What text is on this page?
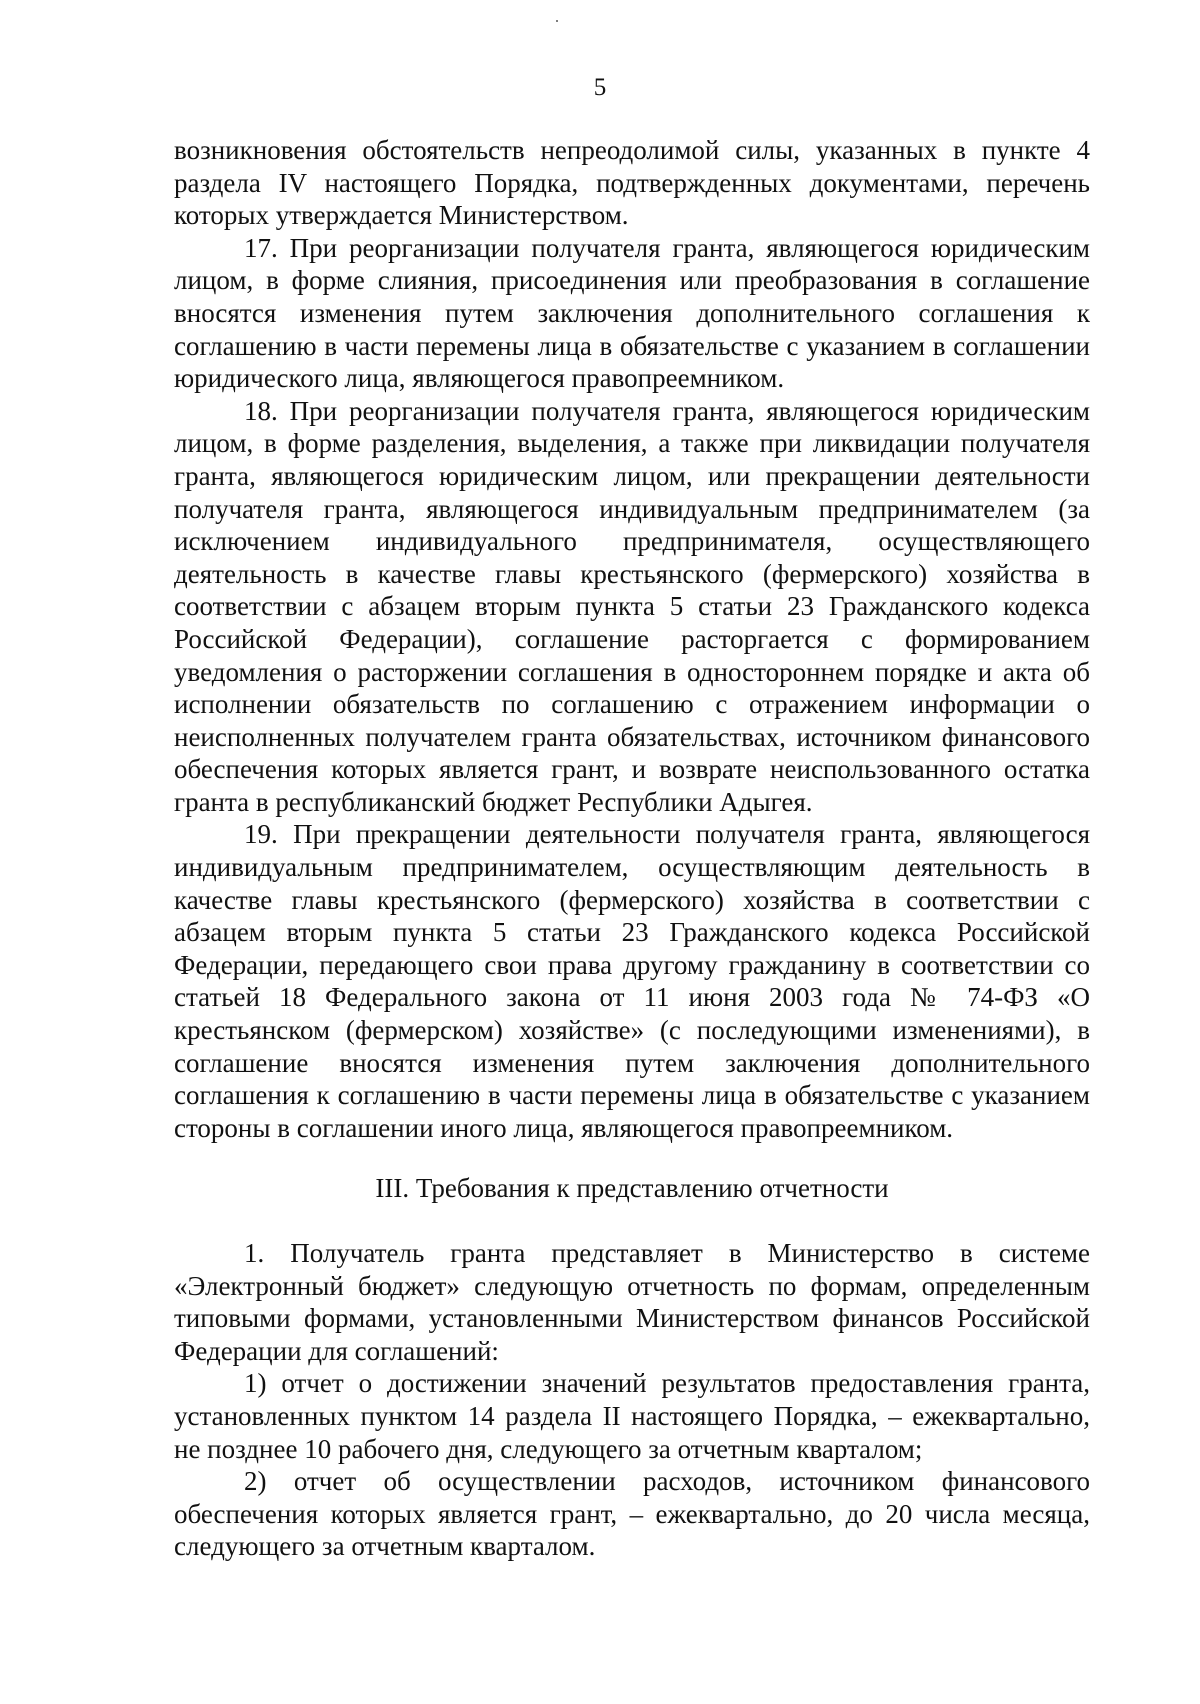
5

возникновения обстоятельств непреодолимой силы, указанных в пункте 4 раздела IV настоящего Порядка, подтвержденных документами, перечень которых утверждается Министерством.

17. При реорганизации получателя гранта, являющегося юридическим лицом, в форме слияния, присоединения или преобразования в соглашение вносятся изменения путем заключения дополнительного соглашения к соглашению в части перемены лица в обязательстве с указанием в соглашении юридического лица, являющегося правопреемником.

18. При реорганизации получателя гранта, являющегося юридическим лицом, в форме разделения, выделения, а также при ликвидации получателя гранта, являющегося юридическим лицом, или прекращении деятельности получателя гранта, являющегося индивидуальным предпринимателем (за исключением индивидуального предпринимателя, осуществляющего деятельность в качестве главы крестьянского (фермерского) хозяйства в соответствии с абзацем вторым пункта 5 статьи 23 Гражданского кодекса Российской Федерации), соглашение расторгается с формированием уведомления о расторжении соглашения в одностороннем порядке и акта об исполнении обязательств по соглашению с отражением информации о неисполненных получателем гранта обязательствах, источником финансового обеспечения которых является грант, и возврате неиспользованного остатка гранта в республиканский бюджет Республики Адыгея.

19. При прекращении деятельности получателя гранта, являющегося индивидуальным предпринимателем, осуществляющим деятельность в качестве главы крестьянского (фермерского) хозяйства в соответствии с абзацем вторым пункта 5 статьи 23 Гражданского кодекса Российской Федерации, передающего свои права другому гражданину в соответствии со статьей 18 Федерального закона от 11 июня 2003 года № 74-ФЗ «О крестьянском (фермерском) хозяйстве» (с последующими изменениями), в соглашение вносятся изменения путем заключения дополнительного соглашения к соглашению в части перемены лица в обязательстве с указанием стороны в соглашении иного лица, являющегося правопреемником.

III. Требования к представлению отчетности

1. Получатель гранта представляет в Министерство в системе «Электронный бюджет» следующую отчетность по формам, определенным типовыми формами, установленными Министерством финансов Российской Федерации для соглашений:

1) отчет о достижении значений результатов предоставления гранта, установленных пунктом 14 раздела II настоящего Порядка, – ежеквартально, не позднее 10 рабочего дня, следующего за отчетным кварталом;

2) отчет об осуществлении расходов, источником финансового обеспечения которых является грант, – ежеквартально, до 20 числа месяца, следующего за отчетным кварталом.
